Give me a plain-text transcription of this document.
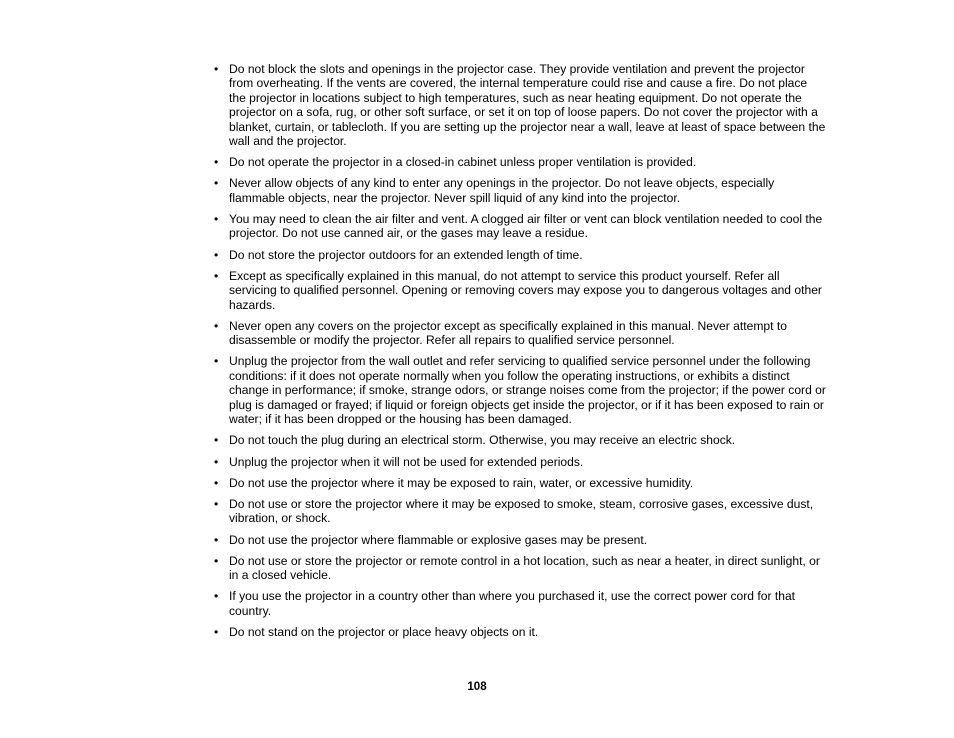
• Do not block the slots and openings in the projector case. They provide ventilation and prevent the projector from overheating. If the vents are covered, the internal temperature could rise and cause a fire. Do not place the projector in locations subject to high temperatures, such as near heating equipment. Do not operate the projector on a sofa, rug, or other soft surface, or set it on top of loose papers. Do not cover the projector with a blanket, curtain, or tablecloth. If you are setting up the projector near a wall, leave at least of space between the wall and the projector.
• Do not operate the projector in a closed-in cabinet unless proper ventilation is provided.
• Never allow objects of any kind to enter any openings in the projector. Do not leave objects, especially flammable objects, near the projector. Never spill liquid of any kind into the projector.
• You may need to clean the air filter and vent. A clogged air filter or vent can block ventilation needed to cool the projector. Do not use canned air, or the gases may leave a residue.
• Do not store the projector outdoors for an extended length of time.
• Except as specifically explained in this manual, do not attempt to service this product yourself. Refer all servicing to qualified personnel. Opening or removing covers may expose you to dangerous voltages and other hazards.
• Never open any covers on the projector except as specifically explained in this manual. Never attempt to disassemble or modify the projector. Refer all repairs to qualified service personnel.
• Unplug the projector from the wall outlet and refer servicing to qualified service personnel under the following conditions: if it does not operate normally when you follow the operating instructions, or exhibits a distinct change in performance; if smoke, strange odors, or strange noises come from the projector; if the power cord or plug is damaged or frayed; if liquid or foreign objects get inside the projector, or if it has been exposed to rain or water; if it has been dropped or the housing has been damaged.
• Do not touch the plug during an electrical storm. Otherwise, you may receive an electric shock.
• Unplug the projector when it will not be used for extended periods.
• Do not use the projector where it may be exposed to rain, water, or excessive humidity.
• Do not use or store the projector where it may be exposed to smoke, steam, corrosive gases, excessive dust, vibration, or shock.
• Do not use the projector where flammable or explosive gases may be present.
• Do not use or store the projector or remote control in a hot location, such as near a heater, in direct sunlight, or in a closed vehicle.
• If you use the projector in a country other than where you purchased it, use the correct power cord for that country.
• Do not stand on the projector or place heavy objects on it.
108
